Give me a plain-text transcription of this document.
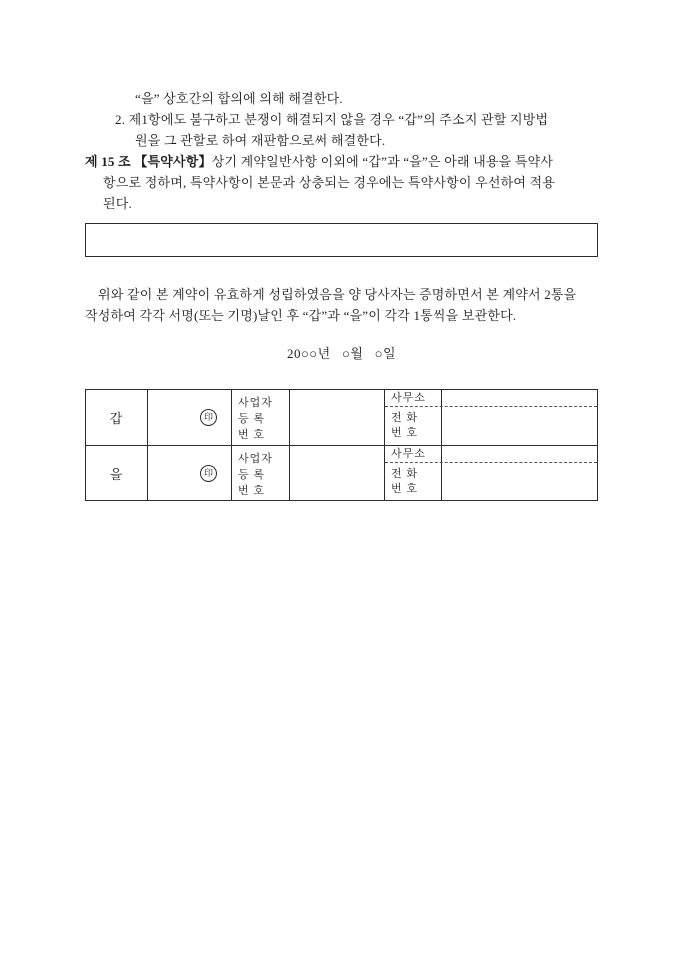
“을” 상호간의 합의에 의해 해결한다.
2. 제1항에도 불구하고 분쟁이 해결되지 않을 경우 “갑”의 주소지 관할 지방법
원을 그 관할로 하여 재판함으로써 해결한다.
제 15 조 【특약사항】상기 계약일반사항 이외에 “갑”과 “을”은 아래 내용을 특약사
항으로 정하며, 특약사항이 본문과 상충되는 경우에는 특약사항이 우선하여 적용
된다.
위와 같이 본 계약이 유효하게 성립하였음을 양 당사자는 증명하면서 본 계약서 2통을
작성하여 각각 서명(또는 기명)날인 후 “갑”과 “을”이 각각 1통씩을 보관한다.
20○○년   ○월   ○일
갑	印
사업자
등 록
번 호
사무소
전 화
번 호
을	印
사업자
등 록
번 호
사무소
전 화
번 호
